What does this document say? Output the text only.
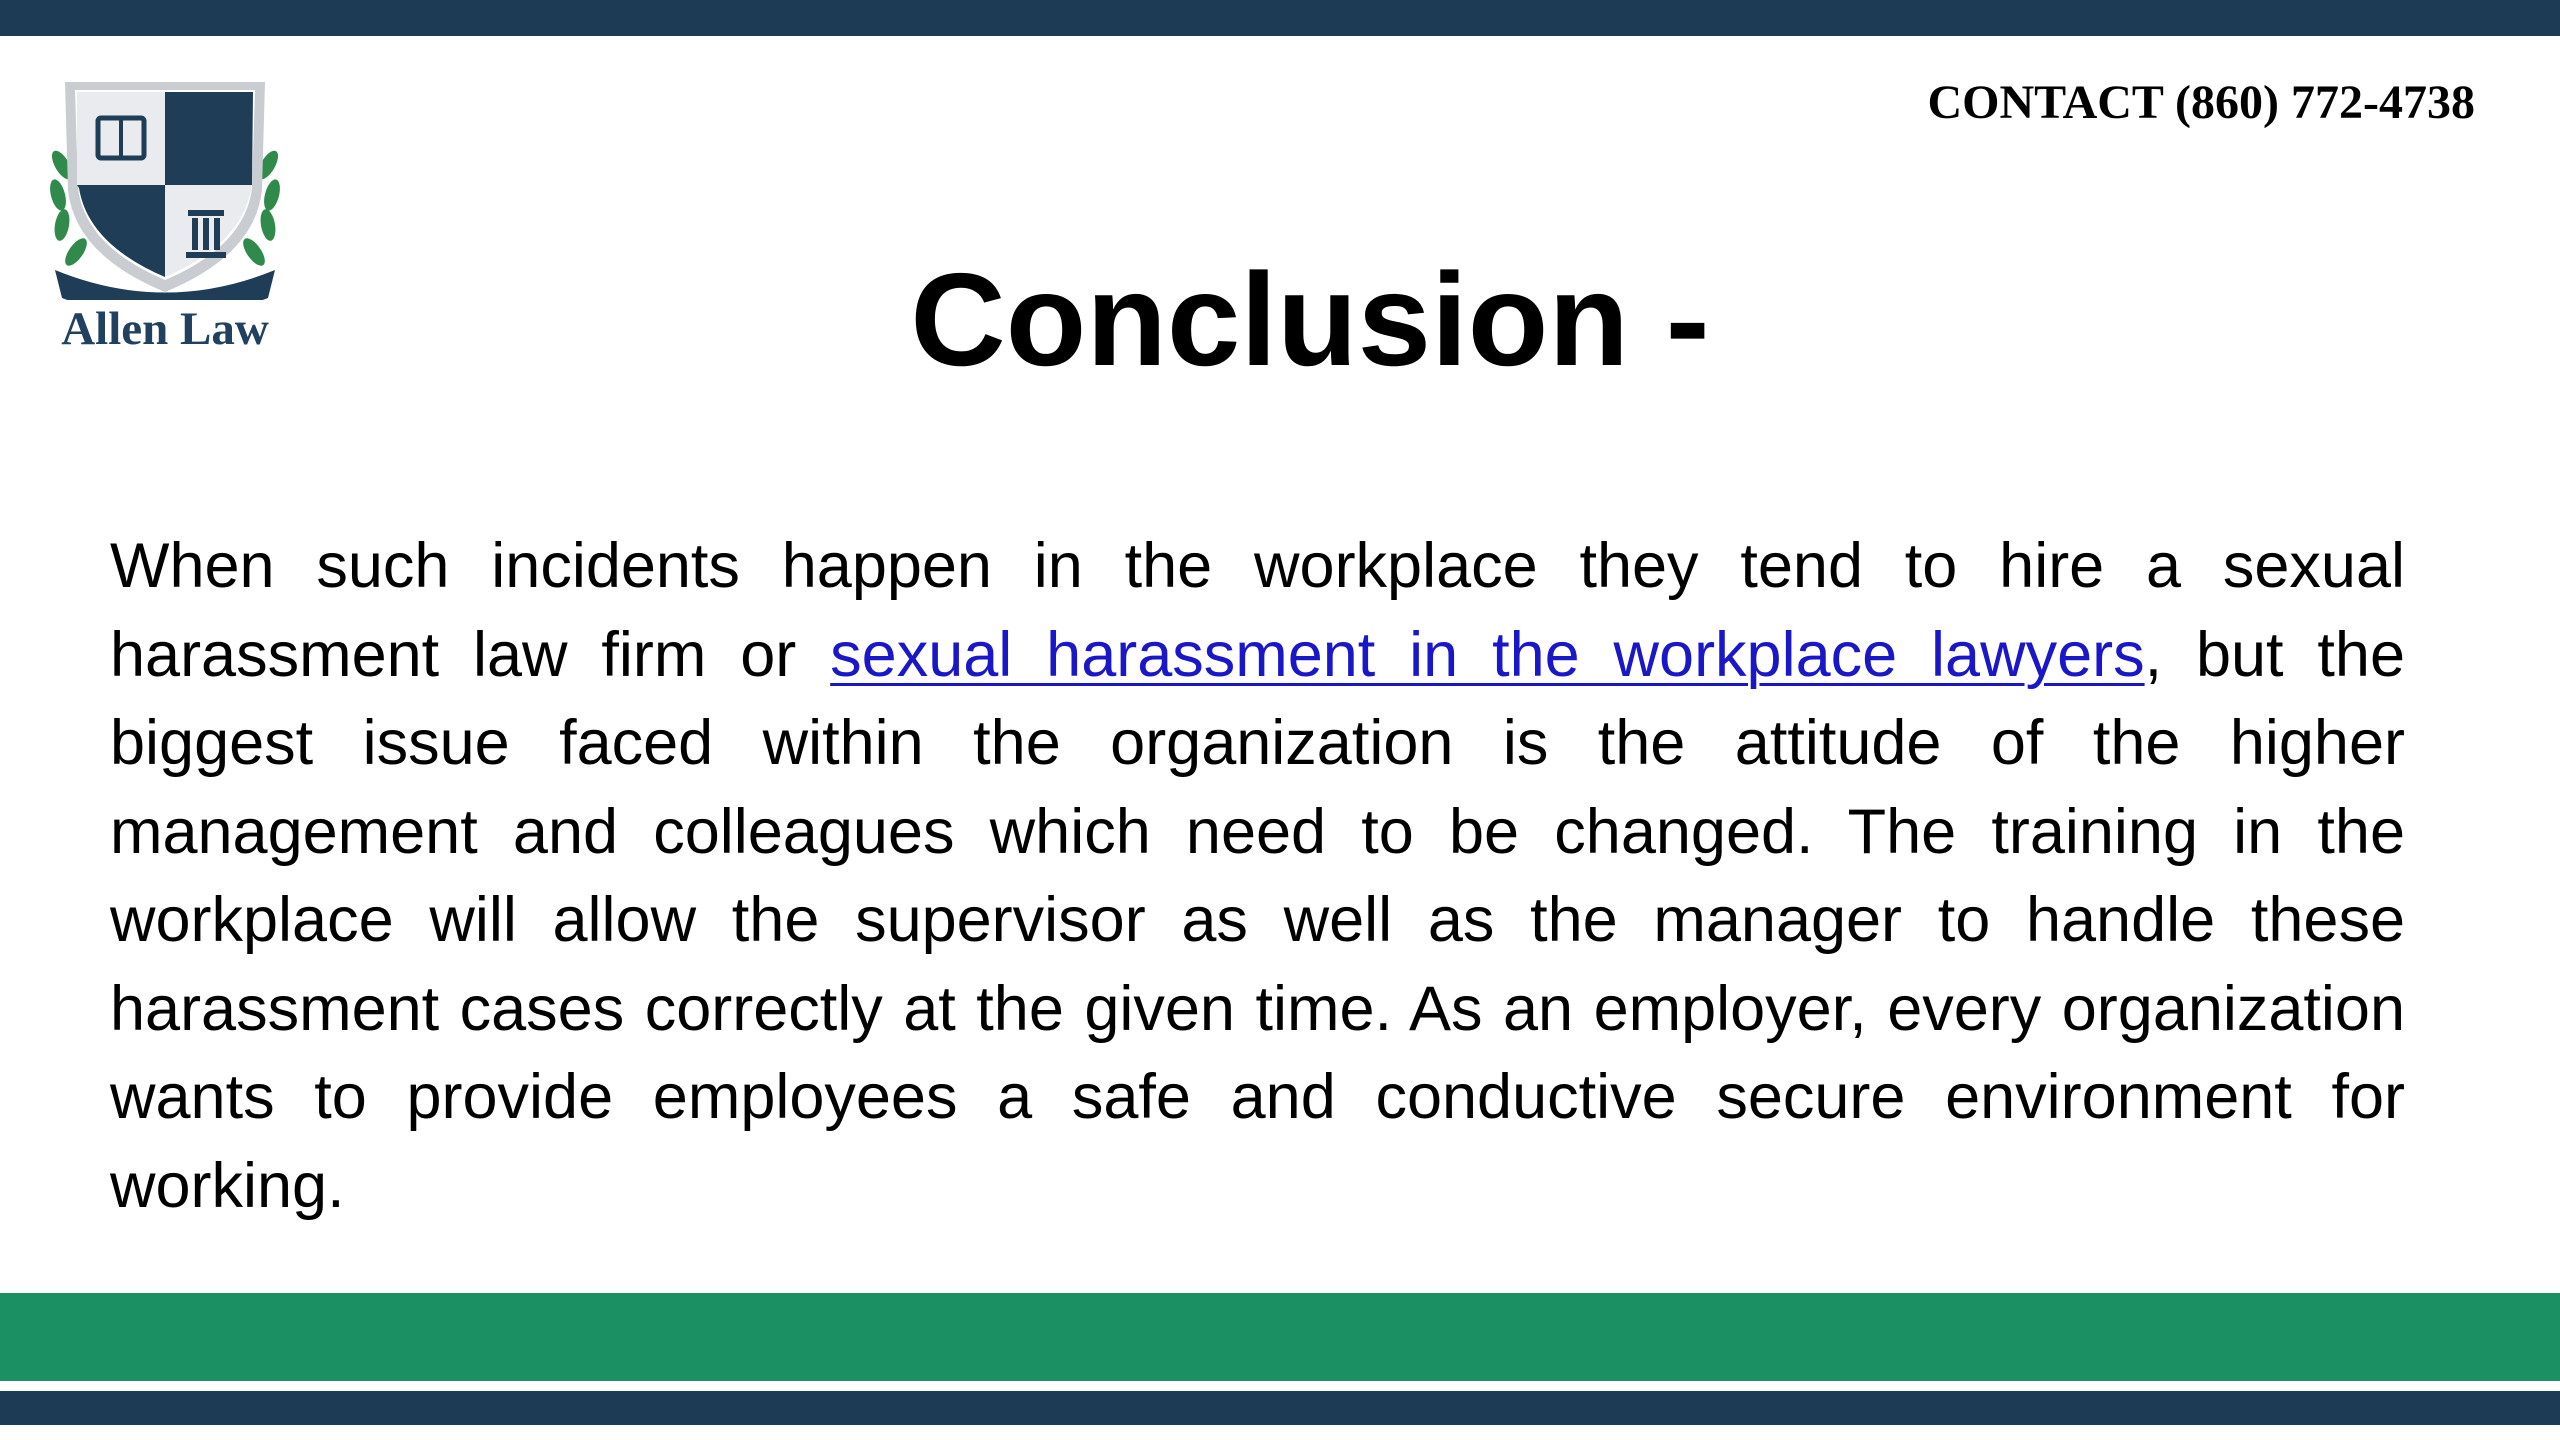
Allen Law
CONTACT (860) 772-4738
Conclusion -

When such incidents happen in the workplace they tend to hire a sexual harassment law firm or sexual harassment in the workplace lawyers, but the biggest issue faced within the organization is the attitude of the higher management and colleagues which need to be changed. The training in the workplace will allow the supervisor as well as the manager to handle these harassment cases correctly at the given time. As an employer, every organization wants to provide employees a safe and conductive secure environment for working.
